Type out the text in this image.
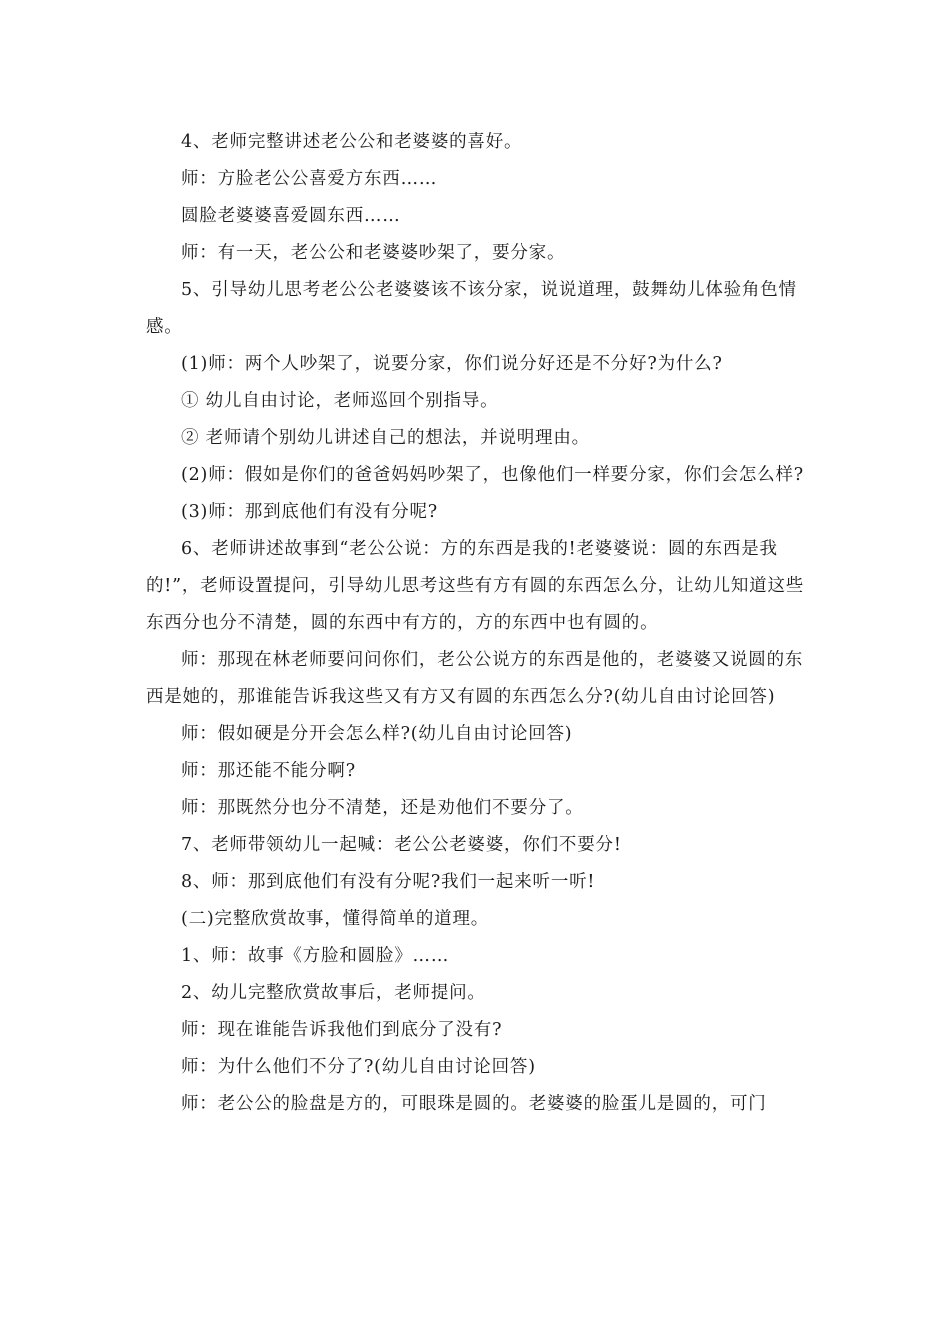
4、老师完整讲述老公公和老婆婆的喜好。

师：方脸老公公喜爱方东西……

圆脸老婆婆喜爱圆东西……

师：有一天，老公公和老婆婆吵架了，要分家。

5、引导幼儿思考老公公老婆婆该不该分家，说说道理，鼓舞幼儿体验角色情感。

(1)师：两个人吵架了，说要分家，你们说分好还是不分好?为什么?

① 幼儿自由讨论，老师巡回个别指导。

② 老师请个别幼儿讲述自己的想法，并说明理由。

(2)师：假如是你们的爸爸妈妈吵架了，也像他们一样要分家，你们会怎么样?

(3)师：那到底他们有没有分呢?

6、老师讲述故事到“老公公说：方的东西是我的!老婆婆说：圆的东西是我的!”，老师设置提问，引导幼儿思考这些有方有圆的东西怎么分，让幼儿知道这些东西分也分不清楚，圆的东西中有方的，方的东西中也有圆的。

师：那现在林老师要问问你们，老公公说方的东西是他的，老婆婆又说圆的东西是她的，那谁能告诉我这些又有方又有圆的东西怎么分?(幼儿自由讨论回答)

师：假如硬是分开会怎么样?(幼儿自由讨论回答)

师：那还能不能分啊?

师：那既然分也分不清楚，还是劝他们不要分了。

7、老师带领幼儿一起喊：老公公老婆婆，你们不要分!

8、师：那到底他们有没有分呢?我们一起来听一听!

(二)完整欣赏故事，懂得简单的道理。

1、师：故事《方脸和圆脸》……

2、幼儿完整欣赏故事后，老师提问。

师：现在谁能告诉我他们到底分了没有?

师：为什么他们不分了?(幼儿自由讨论回答)

师：老公公的脸盘是方的，可眼珠是圆的。老婆婆的脸蛋儿是圆的，可门
